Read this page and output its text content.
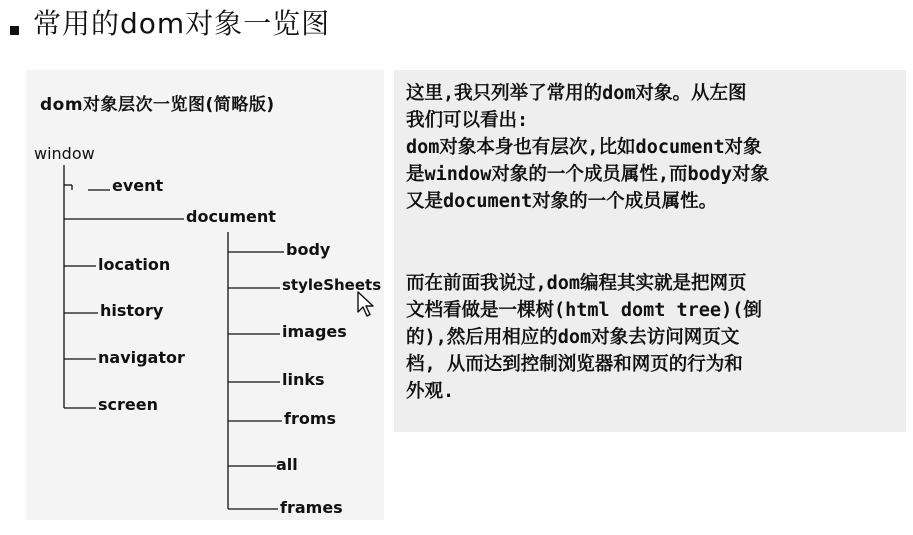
常用的dom对象一览图
dom对象层次一览图(简略版)
window
event
document
location
history
navigator
screen
body
styleSheets
images
links
froms
all
frames

这里,我只列举了常用的dom对象。从左图
我们可以看出:
dom对象本身也有层次,比如document对象
是window对象的一个成员属性,而body对象
又是document对象的一个成员属性。

而在前面我说过,dom编程其实就是把网页
文档看做是一棵树(html domt tree)(倒
的),然后用相应的dom对象去访问网页文
档, 从而达到控制浏览器和网页的行为和
外观.
